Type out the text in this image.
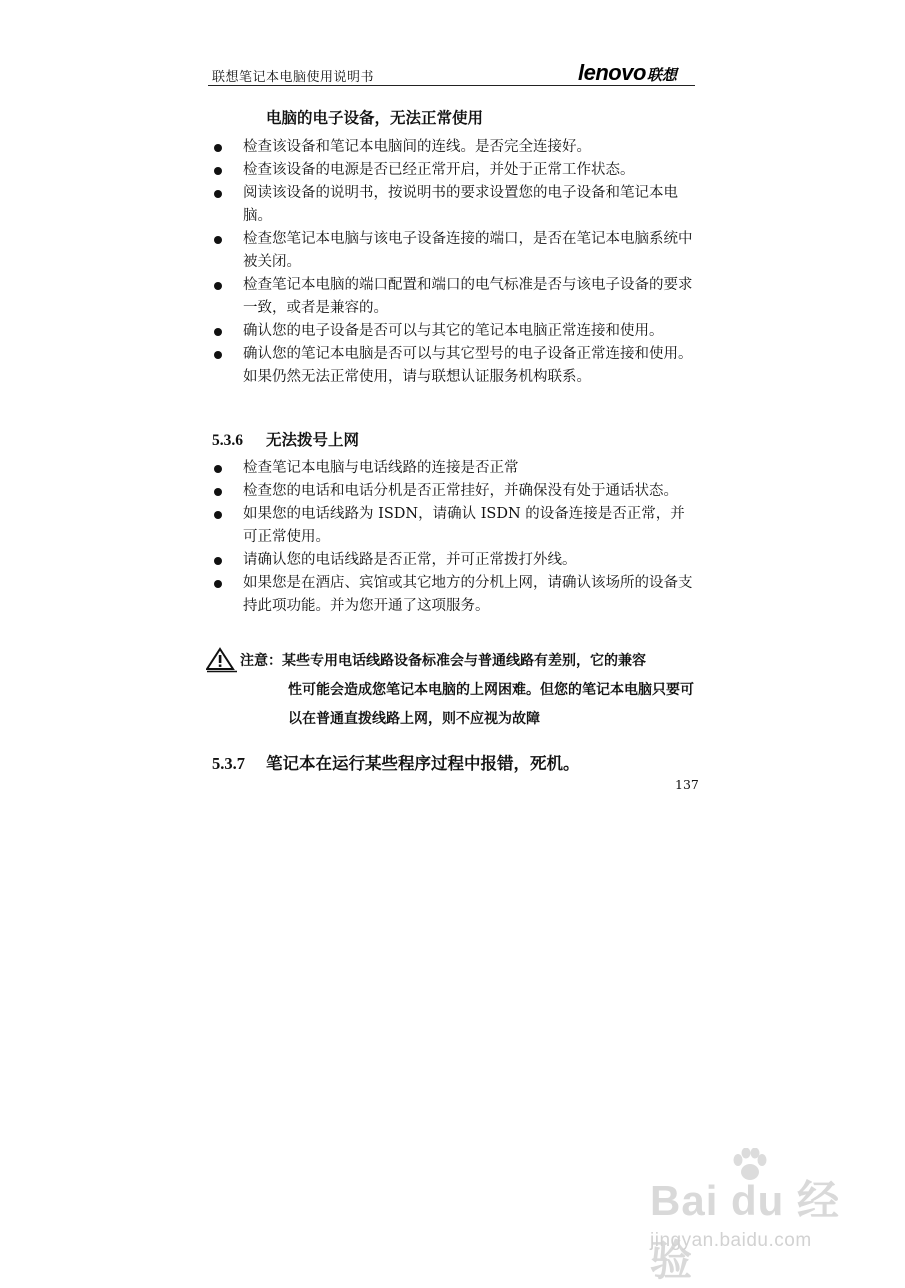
联想笔记本电脑使用说明书	lenovo 联想
电脑的电子设备，无法正常使用
检查该设备和笔记本电脑间的连线。是否完全连接好。
检查该设备的电源是否已经正常开启，并处于正常工作状态。
阅读该设备的说明书，按说明书的要求设置您的电子设备和笔记本电脑。
检查您笔记本电脑与该电子设备连接的端口，是否在笔记本电脑系统中被关闭。
检查笔记本电脑的端口配置和端口的电气标准是否与该电子设备的要求一致，或者是兼容的。
确认您的电子设备是否可以与其它的笔记本电脑正常连接和使用。
确认您的笔记本电脑是否可以与其它型号的电子设备正常连接和使用。如果仍然无法正常使用，请与联想认证服务机构联系。
5.3.6 无法拨号上网
检查笔记本电脑与电话线路的连接是否正常
检查您的电话和电话分机是否正常挂好，并确保没有处于通话状态。
如果您的电话线路为 ISDN，请确认 ISDN 的设备连接是否正常，并可正常使用。
请确认您的电话线路是否正常，并可正常拨打外线。
如果您是在酒店、宾馆或其它地方的分机上网，请确认该场所的设备支持此项功能。并为您开通了这项服务。
注意：某些专用电话线路设备标准会与普通线路有差别，它的兼容
性可能会造成您笔记本电脑的上网困难。但您的笔记本电脑只要可以在普通直拨线路上网，则不应视为故障
5.3.7 笔记本在运行某些程序过程中报错，死机。
137
Bai du 经验
jingyan.baidu.com
